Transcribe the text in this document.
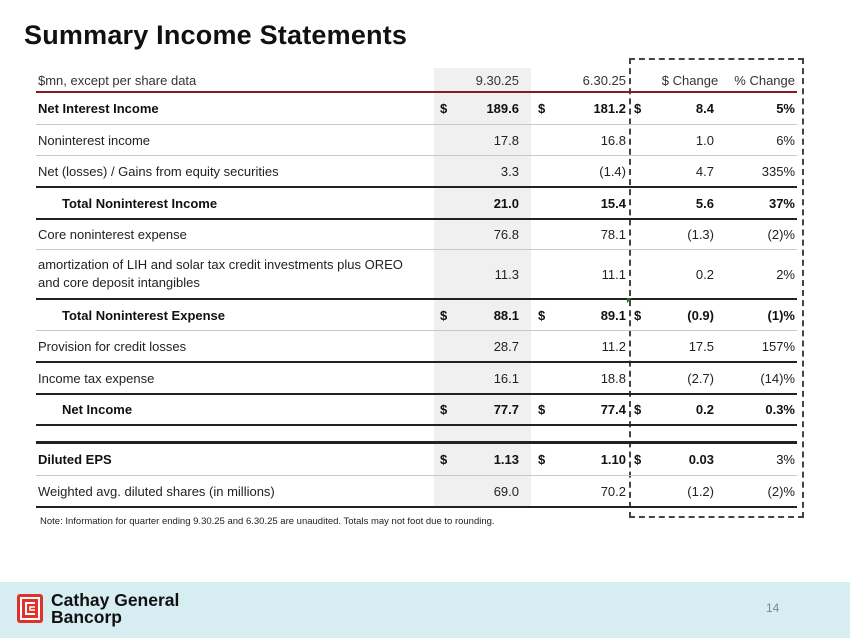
Summary Income Statements
$mn, except per share data	9.30.25	6.30.25	$ Change	% Change
Net Interest Income	$	189.6 $	181.2 $	8.4	5%
Noninterest income	17.8	16.8	1.0	6%
Net (losses) / Gains from equity securities	3.3	(1.4)	4.7	335%
Total Noninterest Income	21.0	15.4	5.6	37%
Core noninterest expense	76.8	78.1	(1.3)	(2)%
amortization of LIH and solar tax credit investments plus OREO
and core deposit intangibles
11.3	11.1	0.2	2%
Total Noninterest Expense	$	88.1 $	89.1 $	(0.9)	(1)%
Provision for credit losses	28.7	11.2	17.5	157%
Income tax expense	16.1	18.8	(2.7)	(14)%
Net Income	$	77.7 $	77.4 $	0.2	0.3%
Diluted EPS	$	1.13 $	1.10 $	0.03	3%
Weighted avg. diluted shares (in millions)	69.0	70.2	(1.2)	(2)%
Note: Information for quarter ending 9.30.25 and 6.30.25 are unaudited. Totals may not foot due to rounding.
Cathay General
Bancorp	14
